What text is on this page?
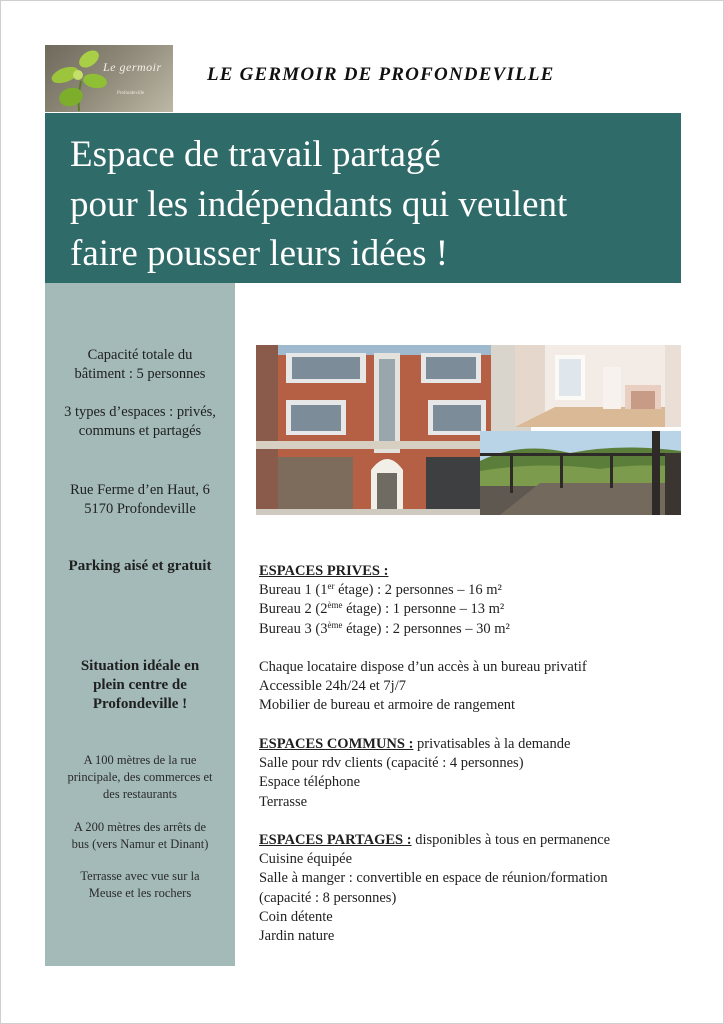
Le germoir
Profondeville
LE GERMOIR DE PROFONDEVILLE
Espace de travail partagé
pour les indépendants qui veulent
faire pousser leurs idées !
Capacité totale du
bâtiment : 5 personnes
3 types d’espaces : privés,
communs et partagés
Rue Ferme d’en Haut, 6
5170 Profondeville
Parking aisé et gratuit
Situation idéale en
plein centre de
Profondeville !
A 100 mètres de la rue
principale, des commerces et
des restaurants
A 200 mètres des arrêts de
bus (vers Namur et Dinant)
Terrasse avec vue sur la
Meuse et les rochers
ESPACES PRIVES :
Bureau 1 (1er étage) : 2 personnes – 16 m²
Bureau 2 (2ème étage) : 1 personne – 13 m²
Bureau 3 (3ème étage) : 2 personnes – 30 m²
Chaque locataire dispose d’un accès à un bureau privatif
Accessible 24h/24 et 7j/7
Mobilier de bureau et armoire de rangement
ESPACES COMMUNS : privatisables à la demande
Salle pour rdv clients (capacité : 4 personnes)
Espace téléphone
Terrasse
ESPACES PARTAGES : disponibles à tous en permanence
Cuisine équipée
Salle à manger : convertible en espace de réunion/formation
(capacité : 8 personnes)
Coin détente
Jardin nature
